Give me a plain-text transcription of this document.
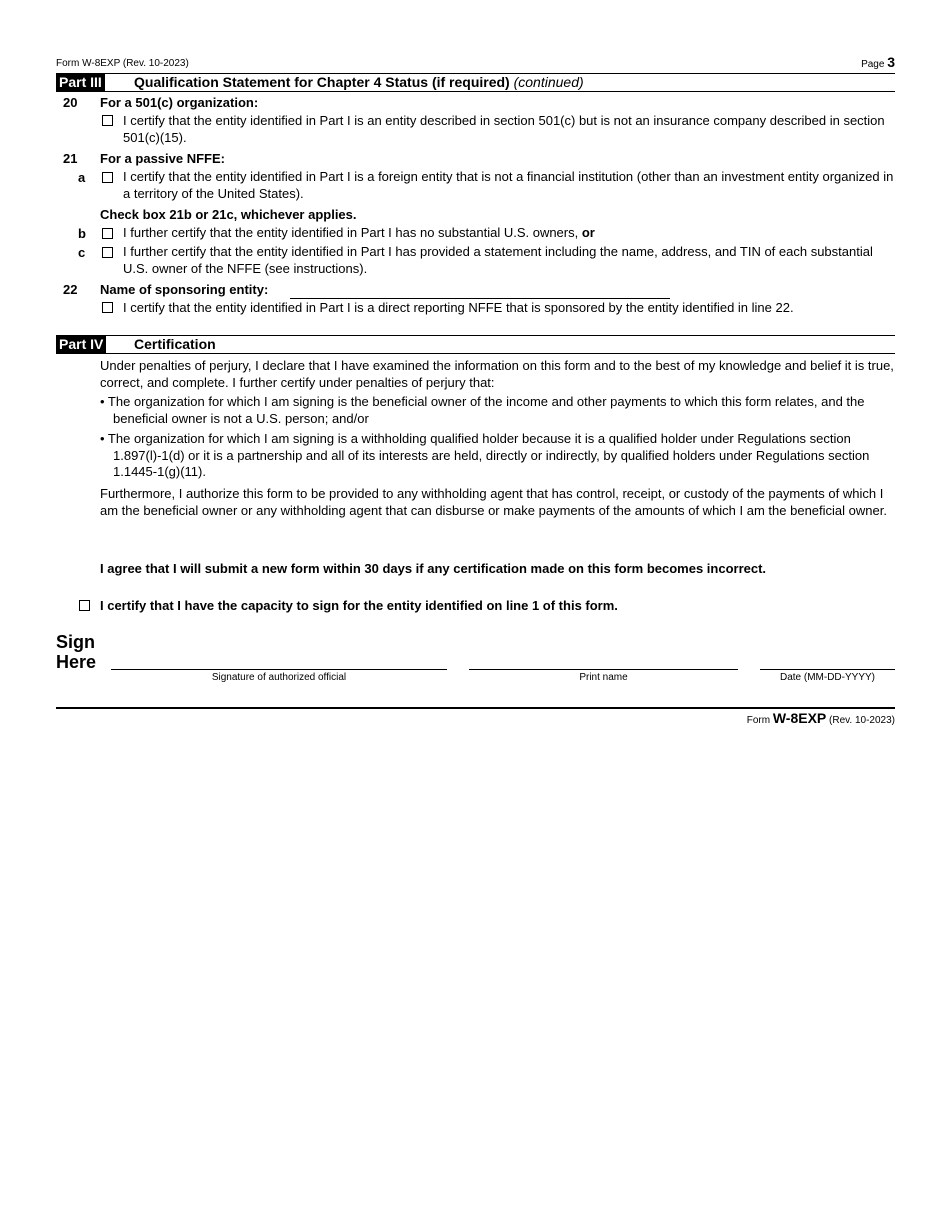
Form W-8EXP (Rev. 10-2023)	Page 3
Part III Qualification Statement for Chapter 4 Status (if required) (continued)
20 For a 501(c) organization:
I certify that the entity identified in Part I is an entity described in section 501(c) but is not an insurance company described in section 501(c)(15).
21 For a passive NFFE:
a	I certify that the entity identified in Part I is a foreign entity that is not a financial institution (other than an investment entity organized in a territory of the United States).
Check box 21b or 21c, whichever applies.
b	I further certify that the entity identified in Part I has no substantial U.S. owners, or
c	I further certify that the entity identified in Part I has provided a statement including the name, address, and TIN of each substantial U.S. owner of the NFFE (see instructions).
22 Name of sponsoring entity:
I certify that the entity identified in Part I is a direct reporting NFFE that is sponsored by the entity identified in line 22.
Part IV Certification
Under penalties of perjury, I declare that I have examined the information on this form and to the best of my knowledge and belief it is true, correct, and complete. I further certify under penalties of perjury that:
• The organization for which I am signing is the beneficial owner of the income and other payments to which this form relates, and the beneficial owner is not a U.S. person; and/or
• The organization for which I am signing is a withholding qualified holder because it is a qualified holder under Regulations section 1.897(l)-1(d) or it is a partnership and all of its interests are held, directly or indirectly, by qualified holders under Regulations section 1.1445-1(g)(11).
Furthermore, I authorize this form to be provided to any withholding agent that has control, receipt, or custody of the payments of which I am the beneficial owner or any withholding agent that can disburse or make payments of the amounts of which I am the beneficial owner.
I agree that I will submit a new form within 30 days if any certification made on this form becomes incorrect.
I certify that I have the capacity to sign for the entity identified on line 1 of this form.
Sign
Here
Signature of authorized official	Print name	Date (MM-DD-YYYY)
Form W-8EXP (Rev. 10-2023)
